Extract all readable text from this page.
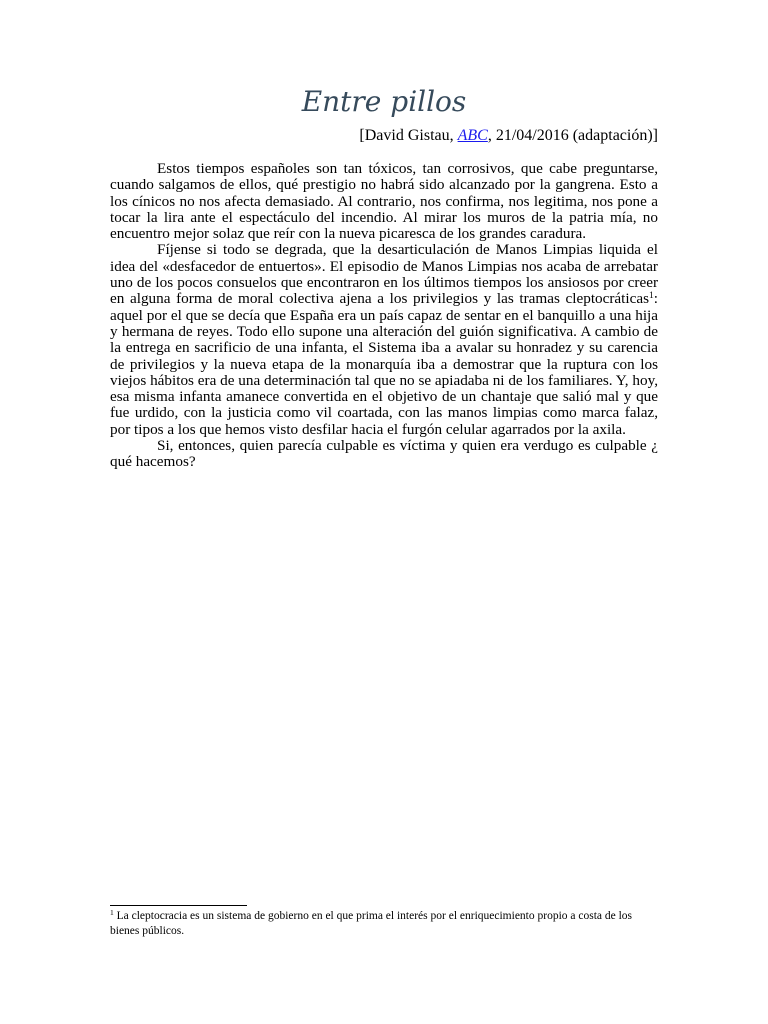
Entre pillos
[David Gistau, ABC, 21/04/2016 (adaptación)]

Estos tiempos españoles son tan tóxicos, tan corrosivos, que cabe preguntarse, cuando salgamos de ellos, qué prestigio no habrá sido alcanzado por la gangrena. Esto a los cínicos no nos afecta demasiado. Al contrario, nos confirma, nos legitima, nos pone a tocar la lira ante el espectáculo del incendio. Al mirar los muros de la patria mía, no encuentro mejor solaz que reír con la nueva picaresca de los grandes caradura.

Fíjense si todo se degrada, que la desarticulación de Manos Limpias liquida el idea del «desfacedor de entuertos». El episodio de Manos Limpias nos acaba de arrebatar uno de los pocos consuelos que encontraron en los últimos tiempos los ansiosos por creer en alguna forma de moral colectiva ajena a los privilegios y las tramas cleptocráticas$^1$: aquel por el que se decía que España era un país capaz de sentar en el banquillo a una hija y hermana de reyes. Todo ello supone una alteración del guión significativa. A cambio de la entrega en sacrificio de una infanta, el Sistema iba a avalar su honradez y su carencia de privilegios y la nueva etapa de la monarquía iba a demostrar que la ruptura con los viejos hábitos era de una determinación tal que no se apiadaba ni de los familiares. Y, hoy, esa misma infanta amanece convertida en el objetivo de un chantaje que salió mal y que fue urdido, con la justicia como vil coartada, con las manos limpias como marca falaz, por tipos a los que hemos visto desfilar hacia el furgón celular agarrados por la axila.

Si, entonces, quien parecía culpable es víctima y quien era verdugo es culpable ¿ qué hacemos?

$^1$ La cleptocracia es un sistema de gobierno en el que prima el interés por el enriquecimiento propio a costa de los bienes públicos.
